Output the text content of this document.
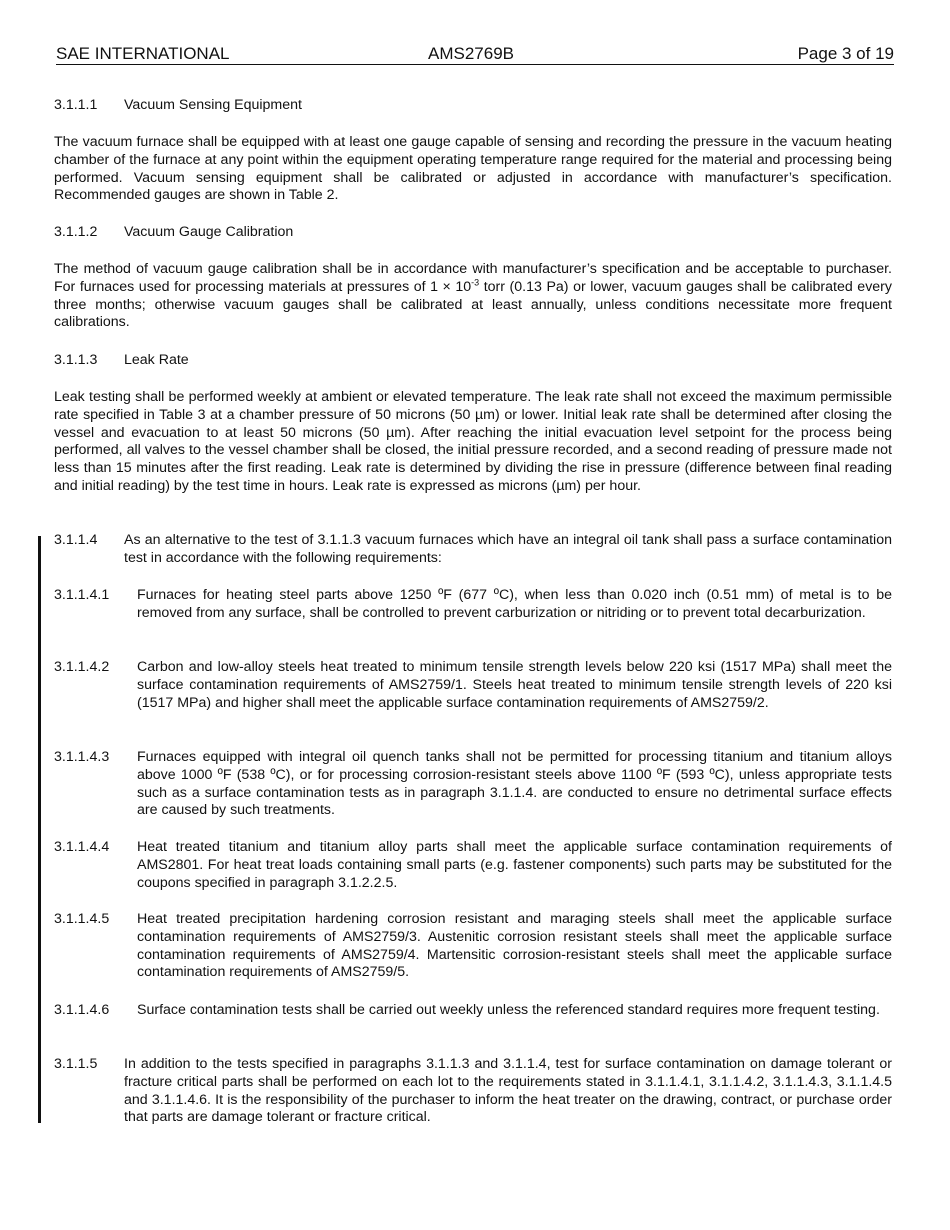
SAE INTERNATIONAL	AMS2769B	Page 3 of 19
3.1.1.1 Vacuum Sensing Equipment
The vacuum furnace shall be equipped with at least one gauge capable of sensing and recording the pressure in the vacuum heating chamber of the furnace at any point within the equipment operating temperature range required for the material and processing being performed. Vacuum sensing equipment shall be calibrated or adjusted in accordance with manufacturer’s specification. Recommended gauges are shown in Table 2.
3.1.1.2 Vacuum Gauge Calibration
The method of vacuum gauge calibration shall be in accordance with manufacturer’s specification and be acceptable to purchaser. For furnaces used for processing materials at pressures of $1 \times 10^{-3}$ torr (0.13 Pa) or lower, vacuum gauges shall be calibrated every three months; otherwise vacuum gauges shall be calibrated at least annually, unless conditions necessitate more frequent calibrations.
3.1.1.3 Leak Rate
Leak testing shall be performed weekly at ambient or elevated temperature. The leak rate shall not exceed the maximum permissible rate specified in Table 3 at a chamber pressure of 50 microns (50 µm) or lower. Initial leak rate shall be determined after closing the vessel and evacuation to at least 50 microns (50 µm). After reaching the initial evacuation level setpoint for the process being performed, all valves to the vessel chamber shall be closed, the initial pressure recorded, and a second reading of pressure made not less than 15 minutes after the first reading. Leak rate is determined by dividing the rise in pressure (difference between final reading and initial reading) by the test time in hours. Leak rate is expressed as microns (µm) per hour.
3.1.1.4 As an alternative to the test of 3.1.1.3 vacuum furnaces which have an integral oil tank shall pass a surface contamination test in accordance with the following requirements:
3.1.1.4.1 Furnaces for heating steel parts above 1250 ºF (677 ºC), when less than 0.020 inch (0.51 mm) of metal is to be removed from any surface, shall be controlled to prevent carburization or nitriding or to prevent total decarburization.
3.1.1.4.2 Carbon and low-alloy steels heat treated to minimum tensile strength levels below 220 ksi (1517 MPa) shall meet the surface contamination requirements of AMS2759/1. Steels heat treated to minimum tensile strength levels of 220 ksi (1517 MPa) and higher shall meet the applicable surface contamination requirements of AMS2759/2.
3.1.1.4.3 Furnaces equipped with integral oil quench tanks shall not be permitted for processing titanium and titanium alloys above 1000 ºF (538 ºC), or for processing corrosion-resistant steels above 1100 ºF (593 ºC), unless appropriate tests such as a surface contamination tests as in paragraph 3.1.1.4. are conducted to ensure no detrimental surface effects are caused by such treatments.
3.1.1.4.4 Heat treated titanium and titanium alloy parts shall meet the applicable surface contamination requirements of AMS2801. For heat treat loads containing small parts (e.g. fastener components) such parts may be substituted for the coupons specified in paragraph 3.1.2.2.5.
3.1.1.4.5 Heat treated precipitation hardening corrosion resistant and maraging steels shall meet the applicable surface contamination requirements of AMS2759/3. Austenitic corrosion resistant steels shall meet the applicable surface contamination requirements of AMS2759/4. Martensitic corrosion-resistant steels shall meet the applicable surface contamination requirements of AMS2759/5.
3.1.1.4.6 Surface contamination tests shall be carried out weekly unless the referenced standard requires more frequent testing.
3.1.1.5 In addition to the tests specified in paragraphs 3.1.1.3 and 3.1.1.4, test for surface contamination on damage tolerant or fracture critical parts shall be performed on each lot to the requirements stated in 3.1.1.4.1, 3.1.1.4.2, 3.1.1.4.3, 3.1.1.4.5 and 3.1.1.4.6. It is the responsibility of the purchaser to inform the heat treater on the drawing, contract, or purchase order that parts are damage tolerant or fracture critical.
